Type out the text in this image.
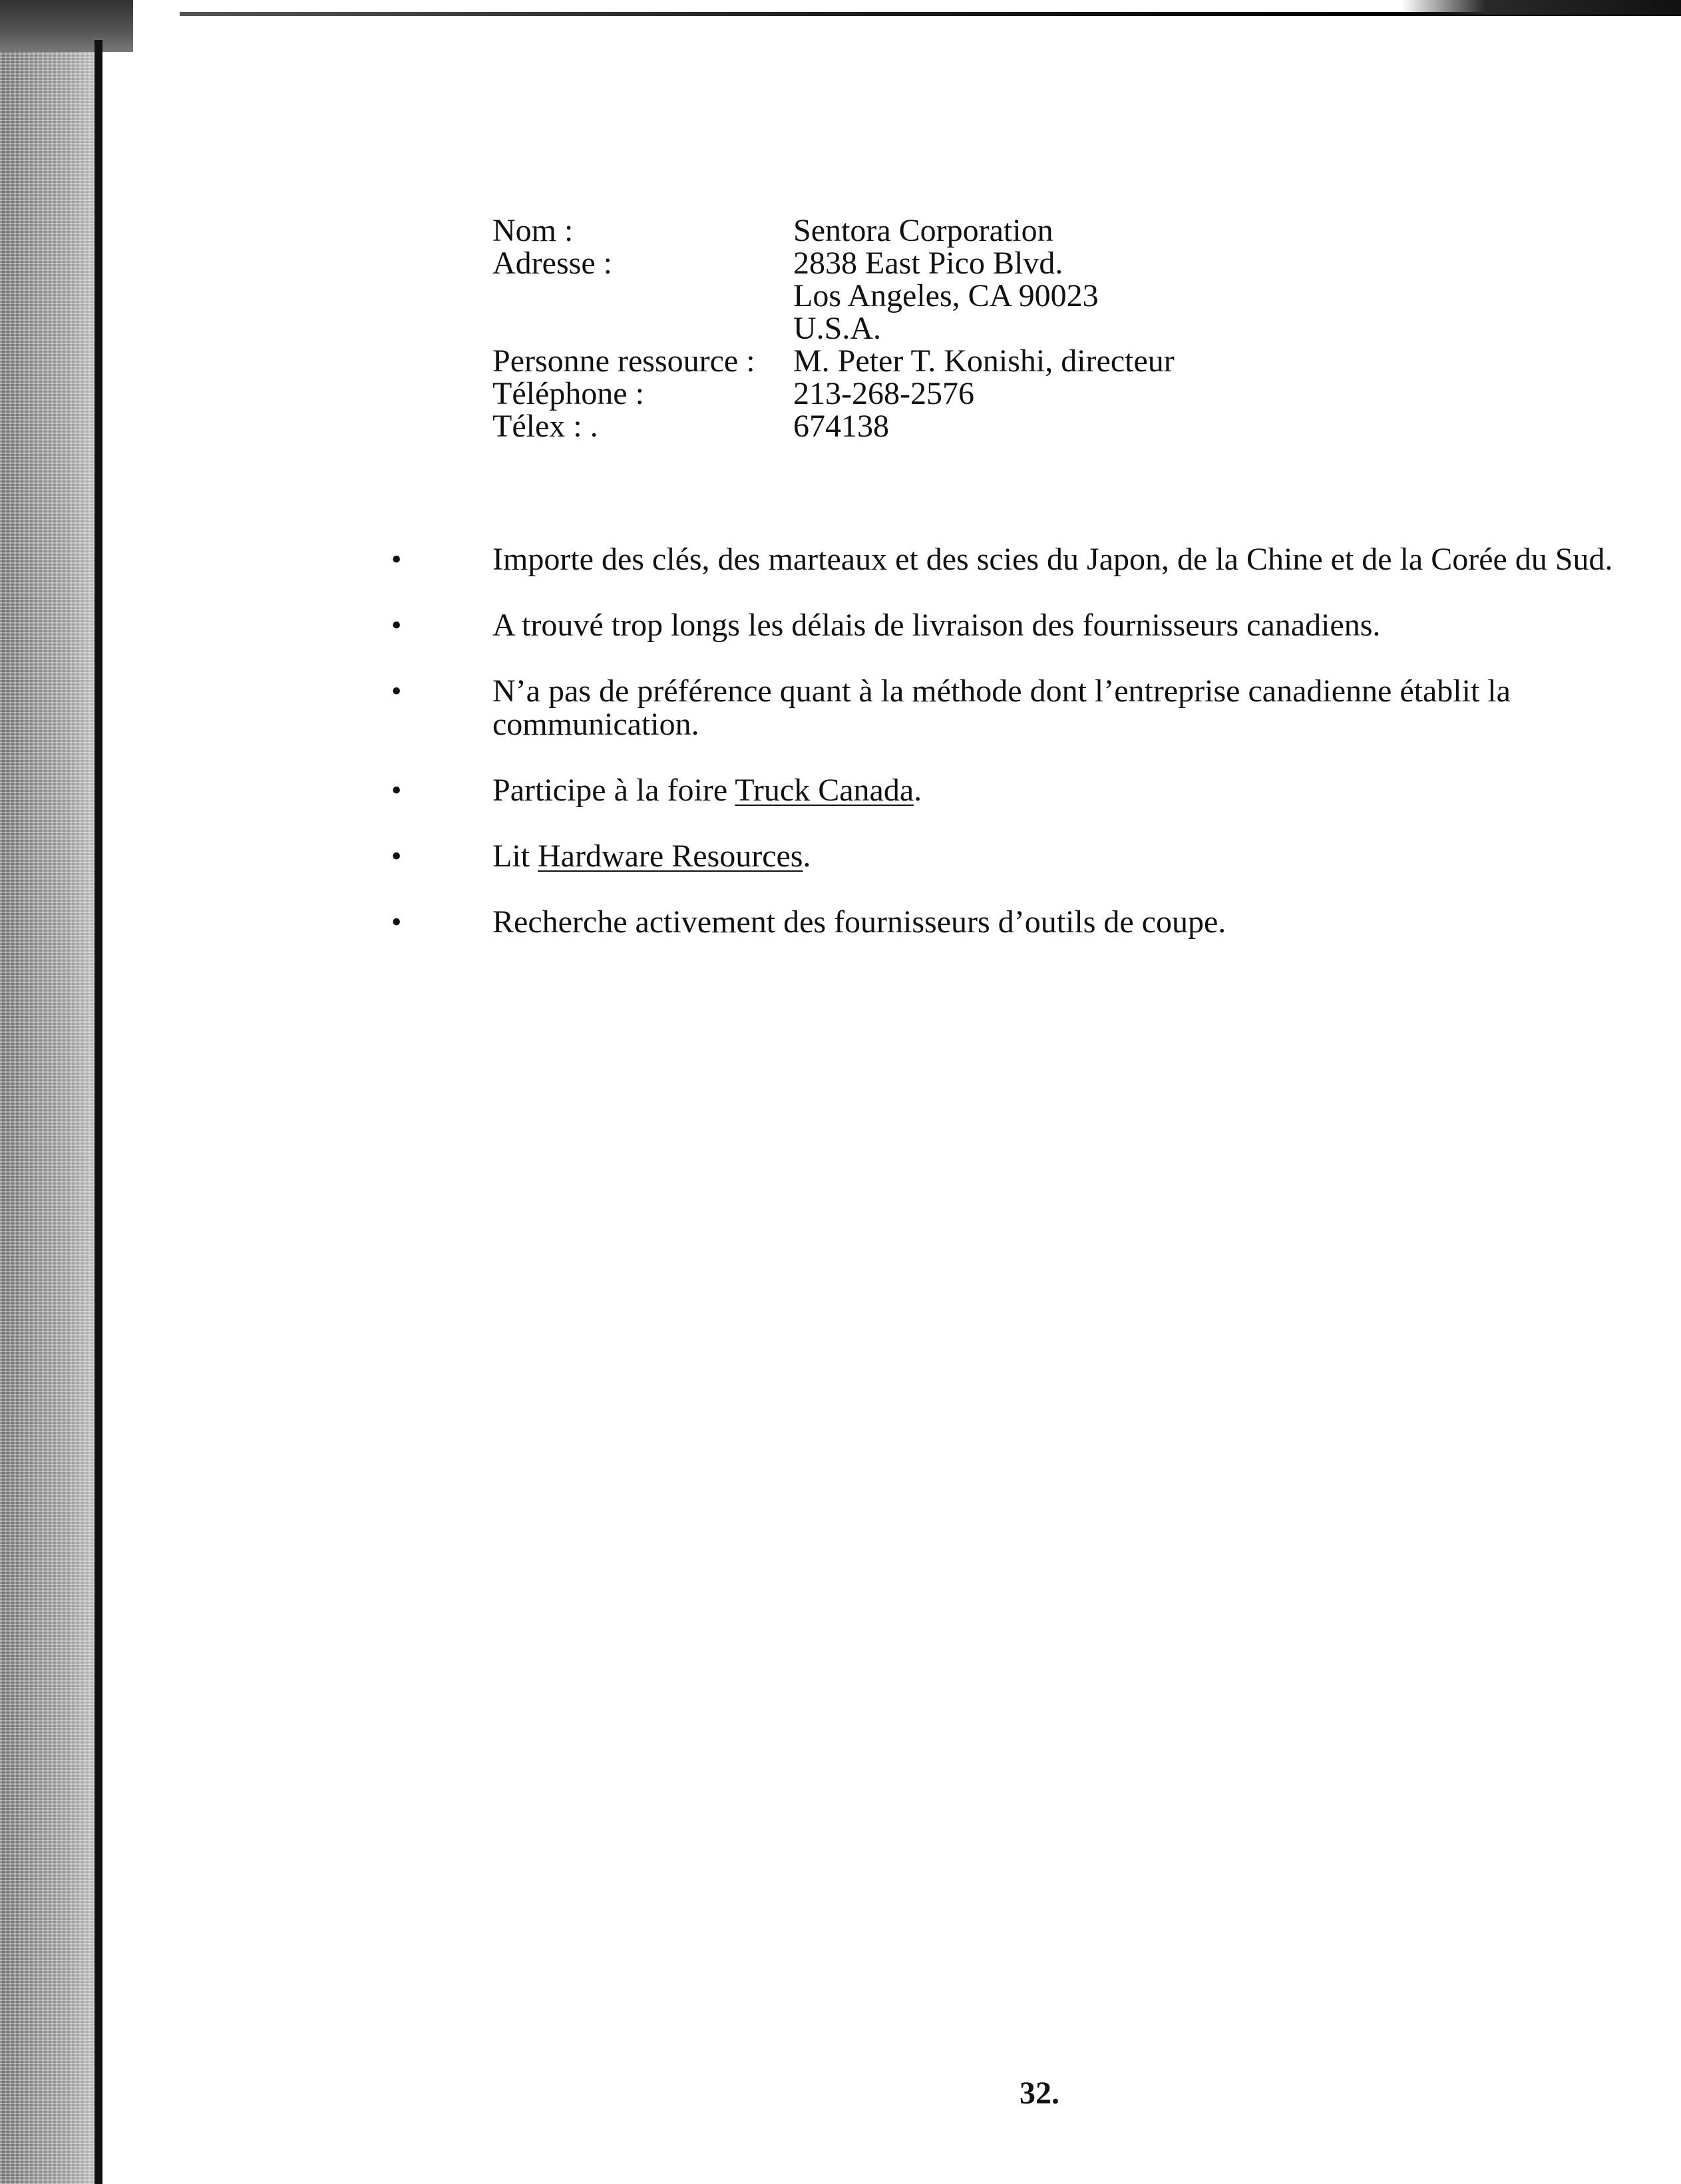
Nom :	Sentora Corporation
Adresse :	2838 East Pico Blvd.
Los Angeles, CA 90023
U.S.A.
Personne ressource :	M. Peter T. Konishi, directeur
Téléphone :	213-268-2576
Télex : .	674138
•	Importe des clés, des marteaux et des scies du Japon, de la Chine et de la Corée du Sud.
•	A trouvé trop longs les délais de livraison des fournisseurs canadiens.
•	N’a pas de préférence quant à la méthode dont l’entreprise canadienne établit la communication.
•	Participe à la foire Truck Canada.
•	Lit Hardware Resources.
•	Recherche activement des fournisseurs d’outils de coupe.
32.
